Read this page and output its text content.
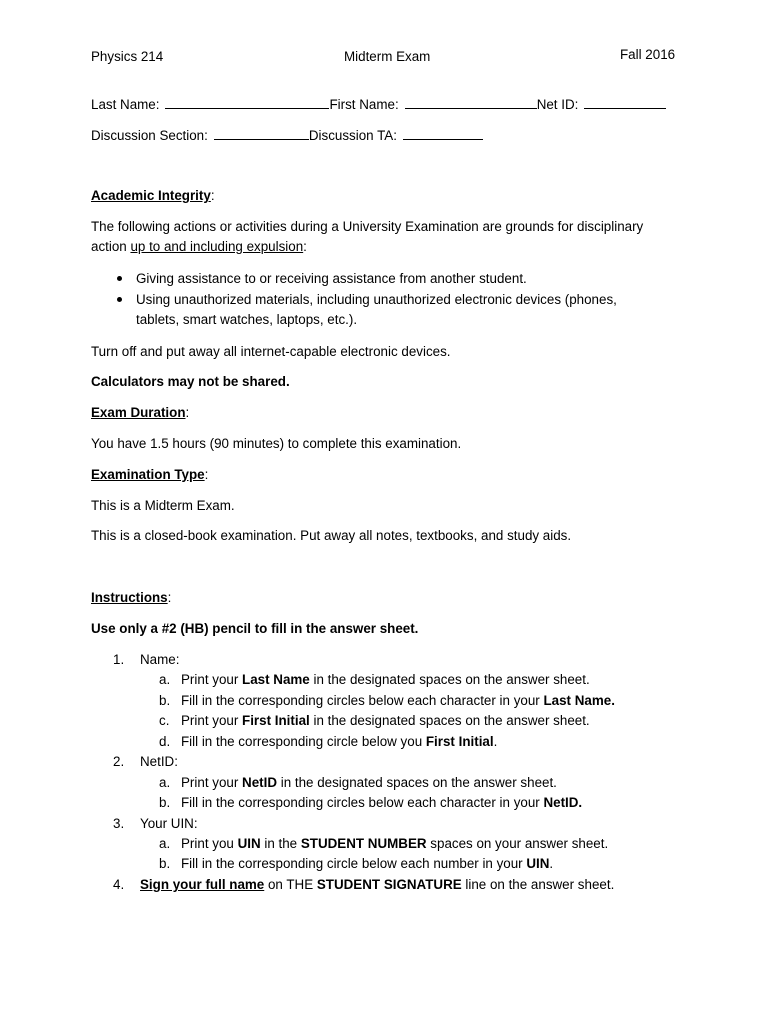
Physics 214	Midterm Exam	Fall 2016
Last Name:	First Name:	Net ID:
Discussion Section:	Discussion TA:
Academic Integrity:
The following actions or activities during a University Examination are grounds for disciplinary
action up to and including expulsion:
Giving assistance to or receiving assistance from another student.
Using unauthorized materials, including unauthorized electronic devices (phones,
tablets, smart watches, laptops, etc.).
Turn off and put away all internet-capable electronic devices.
Calculators may not be shared.
Exam Duration:
You have 1.5 hours (90 minutes) to complete this examination.
Examination Type:
This is a Midterm Exam.
This is a closed-book examination. Put away all notes, textbooks, and study aids.
Instructions:
Use only a #2 (HB) pencil to fill in the answer sheet.
1. Name:
a. Print your Last Name in the designated spaces on the answer sheet.
b. Fill in the corresponding circles below each character in your Last Name.
c. Print your First Initial in the designated spaces on the answer sheet.
d. Fill in the corresponding circle below you First Initial.
2. NetID:
a. Print your NetID in the designated spaces on the answer sheet.
b. Fill in the corresponding circles below each character in your NetID.
3. Your UIN:
a. Print you UIN in the STUDENT NUMBER spaces on your answer sheet.
b. Fill in the corresponding circle below each number in your UIN.
4. Sign your full name on THE STUDENT SIGNATURE line on the answer sheet.
